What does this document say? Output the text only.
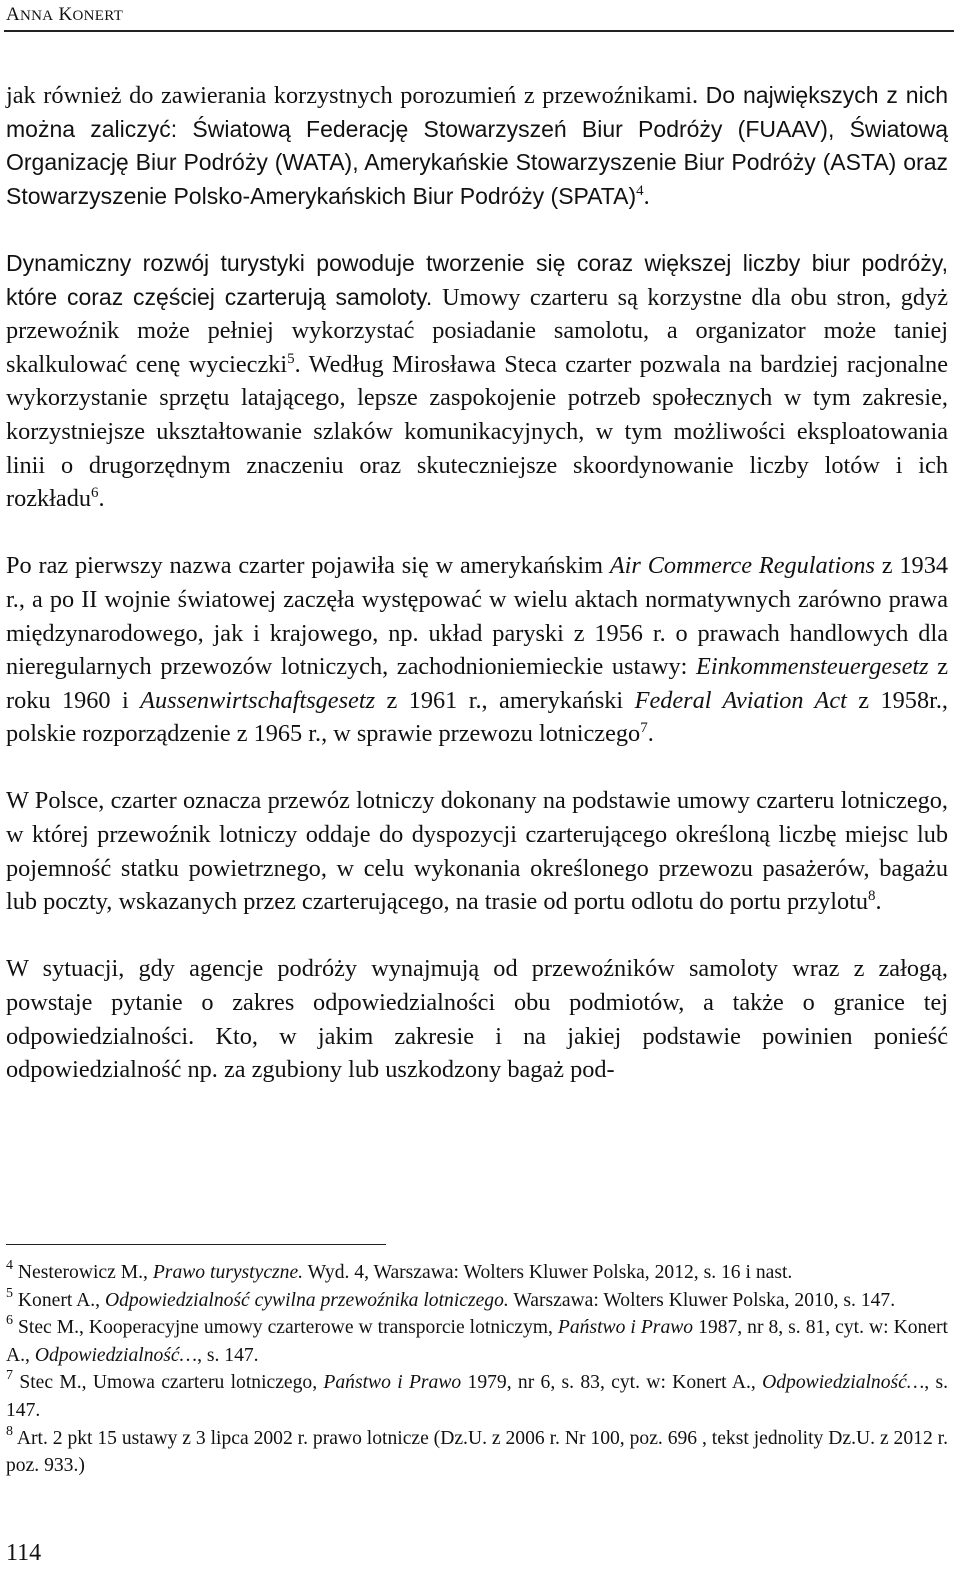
ANNA KONERT

jak również do zawierania korzystnych porozumień z przewoźnikami. Do największych z nich można zaliczyć: Światową Federację Stowarzyszeń Biur Podróży (FUAAV), Światową Organizację Biur Podróży (WATA), Amerykańskie Stowarzyszenie Biur Podróży (ASTA) oraz Stowarzyszenie Polsko-Amerykańskich Biur Podróży (SPATA)$^4$.

Dynamiczny rozwój turystyki powoduje tworzenie się coraz większej liczby biur podróży, które coraz częściej czarterują samoloty. Umowy czarteru są korzystne dla obu stron, gdyż przewoźnik może pełniej wykorzystać posiadanie samolotu, a organizator może taniej skalkulować cenę wycieczki$^5$. Według Mirosława Steca czarter pozwala na bardziej racjonalne wykorzystanie sprzętu latającego, lepsze zaspokojenie potrzeb społecznych w tym zakresie, korzystniejsze ukształtowanie szlaków komunikacyjnych, w tym możliwości eksploatowania linii o drugorzędnym znaczeniu oraz skuteczniejsze skoordynowanie liczby lotów i ich rozkładu$^6$.

Po raz pierwszy nazwa czarter pojawiła się w amerykańskim Air Commerce Regulations z 1934 r., a po II wojnie światowej zaczęła występować w wielu aktach normatywnych zarówno prawa międzynarodowego, jak i krajowego, np. układ paryski z 1956 r. o prawach handlowych dla nieregularnych przewozów lotniczych, zachodnioniemieckie ustawy: Einkommensteuergesetz z roku 1960 i Aussenwirtschaftsgesetz z 1961 r., amerykański Federal Aviation Act z 1958r., polskie rozporządzenie z 1965 r., w sprawie przewozu lotniczego$^7$.

W Polsce, czarter oznacza przewóz lotniczy dokonany na podstawie umowy czarteru lotniczego, w której przewoźnik lotniczy oddaje do dyspozycji czarterującego określoną liczbę miejsc lub pojemność statku powietrznego, w celu wykonania określonego przewozu pasażerów, bagażu lub poczty, wskazanych przez czarterującego, na trasie od portu odlotu do portu przylotu$^8$.

W sytuacji, gdy agencje podróży wynajmują od przewoźników samoloty wraz z załogą, powstaje pytanie o zakres odpowiedzialności obu podmiotów, a także o granice tej odpowiedzialności. Kto, w jakim zakresie i na jakiej podstawie powinien ponieść odpowiedzialność np. za zgubiony lub uszkodzony bagaż pod-

$^4$ Nesterowicz M., Prawo turystyczne. Wyd. 4, Warszawa: Wolters Kluwer Polska, 2012, s. 16 i nast.

$^5$ Konert A., Odpowiedzialność cywilna przewoźnika lotniczego. Warszawa: Wolters Kluwer Polska, 2010, s. 147.

$^6$ Stec M., Kooperacyjne umowy czarterowe w transporcie lotniczym, Państwo i Prawo 1987, nr 8, s. 81, cyt. w: Konert A., Odpowiedzialność…, s. 147.

$^7$ Stec M., Umowa czarteru lotniczego, Państwo i Prawo 1979, nr 6, s. 83, cyt. w: Konert A., Odpowiedzialność…, s. 147.

$^8$ Art. 2 pkt 15 ustawy z 3 lipca 2002 r. prawo lotnicze (Dz.U. z 2006 r. Nr 100, poz. 696 , tekst jednolity Dz.U. z 2012 r. poz. 933.)

114
